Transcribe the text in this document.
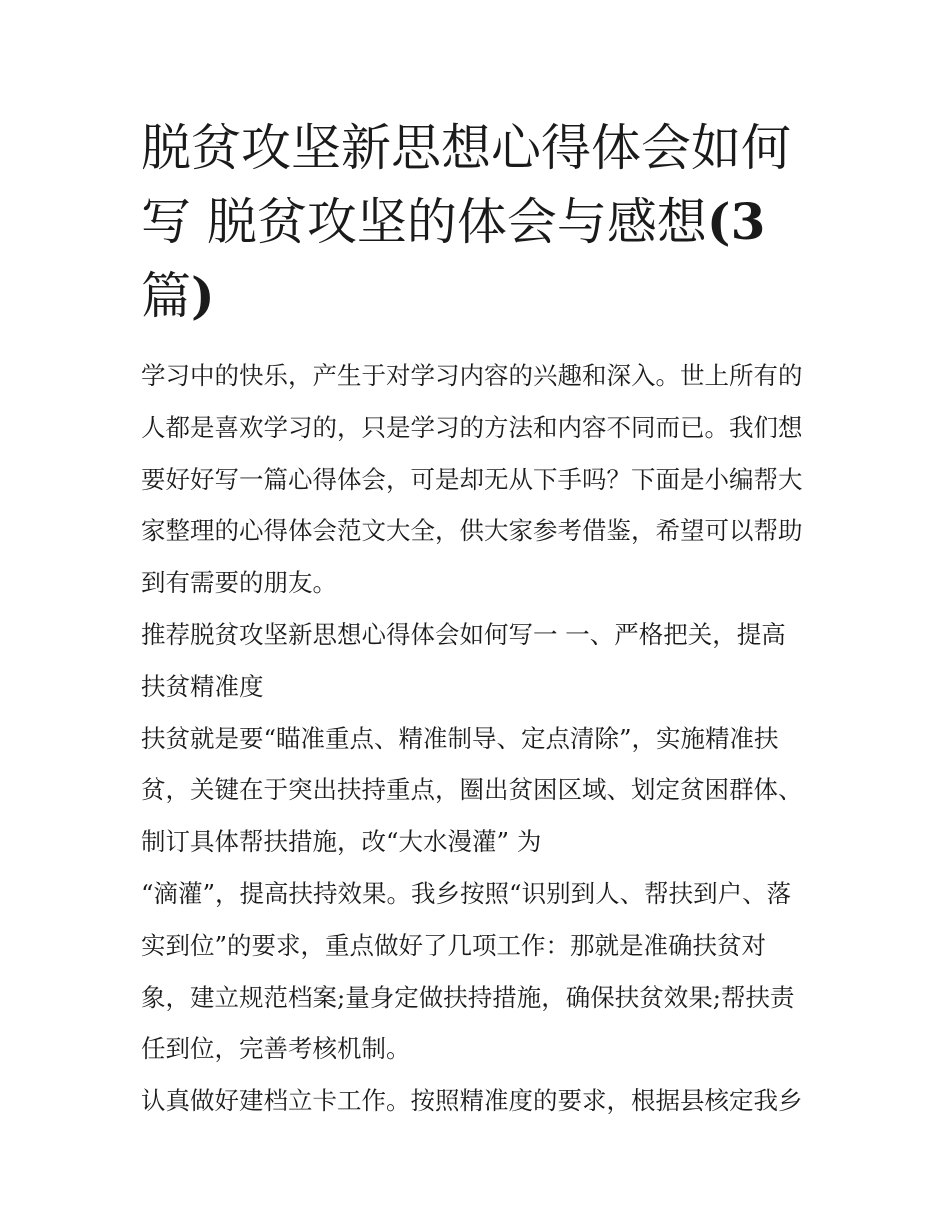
脱贫攻坚新思想心得体会如何
写 脱贫攻坚的体会与感想(3
篇)
学习中的快乐，产生于对学习内容的兴趣和深入。世上所有的
人都是喜欢学习的，只是学习的方法和内容不同而已。我们想
要好好写一篇心得体会，可是却无从下手吗？下面是小编帮大
家整理的心得体会范文大全，供大家参考借鉴，希望可以帮助
到有需要的朋友。
推荐脱贫攻坚新思想心得体会如何写一 一、严格把关，提高
扶贫精准度
扶贫就是要“瞄准重点、精准制导、定点清除”，实施精准扶
贫，关键在于突出扶持重点，圈出贫困区域、划定贫困群体、
制订具体帮扶措施，改“大水漫灌” 为
“滴灌”，提高扶持效果。我乡按照“识别到人、帮扶到户、落
实到位”的要求，重点做好了几项工作：那就是准确扶贫对
象，建立规范档案;量身定做扶持措施，确保扶贫效果;帮扶责
任到位，完善考核机制。
认真做好建档立卡工作。按照精准度的要求，根据县核定我乡
